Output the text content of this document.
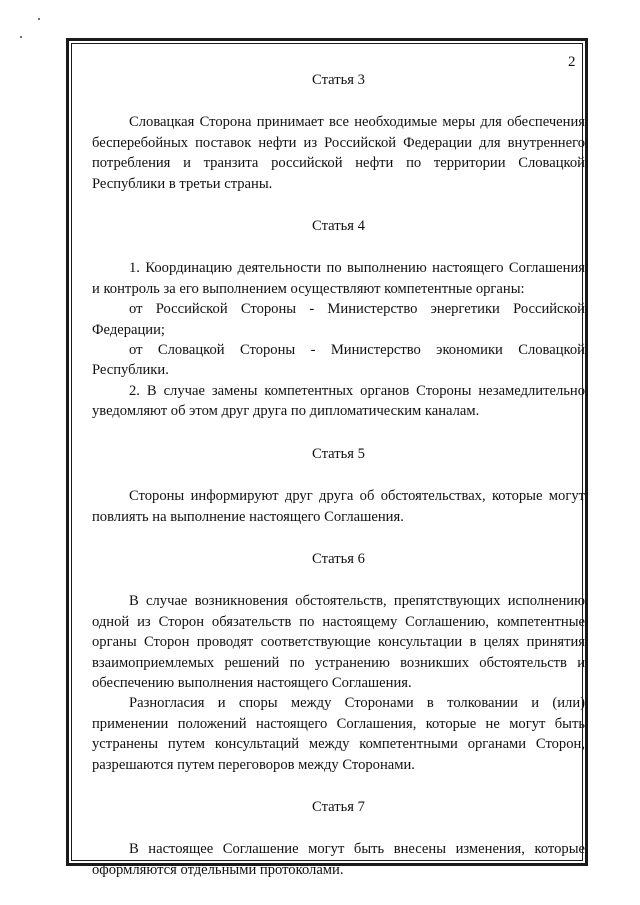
2

Статья 3

Словацкая Сторона принимает все необходимые меры для обеспечения бесперебойных поставок нефти из Российской Федерации для внутреннего потребления и транзита российской нефти по территории Словацкой Республики в третьи страны.

Статья 4

1. Координацию деятельности по выполнению настоящего Соглашения и контроль за его выполнением осуществляют компетентные органы:

от Российской Стороны - Министерство энергетики Российской Федерации;

от Словацкой Стороны - Министерство экономики Словацкой Республики.

2. В случае замены компетентных органов Стороны незамедлительно уведомляют об этом друг друга по дипломатическим каналам.

Статья 5

Стороны информируют друг друга об обстоятельствах, которые могут повлиять на выполнение настоящего Соглашения.

Статья 6

В случае возникновения обстоятельств, препятствующих исполнению одной из Сторон обязательств по настоящему Соглашению, компетентные органы Сторон проводят соответствующие консультации в целях принятия взаимоприемлемых решений по устранению возникших обстоятельств и обеспечению выполнения настоящего Соглашения.

Разногласия и споры между Сторонами в толковании и (или) применении положений настоящего Соглашения, которые не могут быть устранены путем консультаций между компетентными органами Сторон, разрешаются путем переговоров между Сторонами.

Статья 7

В настоящее Соглашение могут быть внесены изменения, которые оформляются отдельными протоколами.
